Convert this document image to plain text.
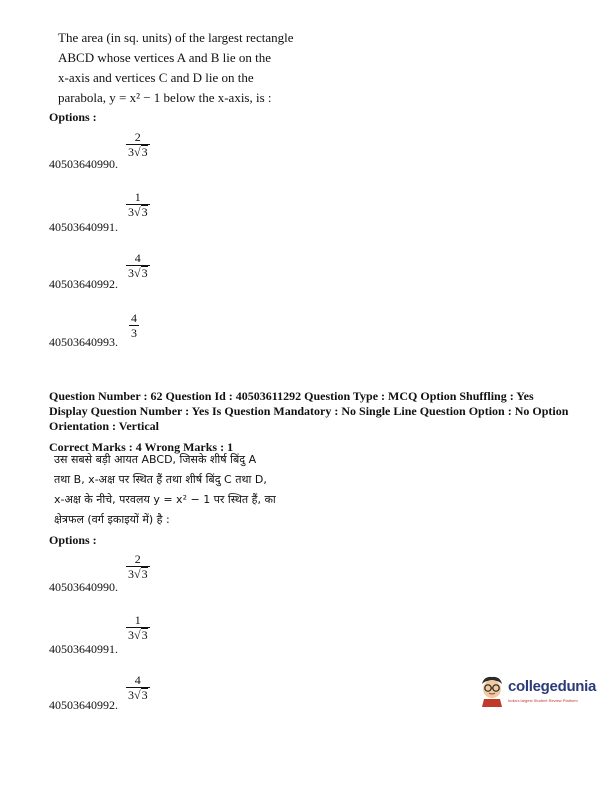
The area (in sq. units) of the largest rectangle
ABCD whose vertices A and B lie on the
x-axis and vertices C and D lie on the
parabola, y = x² − 1 below the x-axis, is :
Options :
$\frac{2}{3√3}$
40503640990.
$\frac{1}{3√3}$
40503640991.
$\frac{4}{3√3}$
40503640992.
$\frac{4}{3}$
40503640993.
Question Number : 62 Question Id : 40503611292 Question Type : MCQ Option Shuffling : Yes
Display Question Number : Yes Is Question Mandatory : No Single Line Question Option : No Option
Orientation : Vertical
Correct Marks : 4 Wrong Marks : 1
उस सबसे बड़ी आयत ABCD, जिसके शीर्ष बिंदु A
तथा B, x-अक्ष पर स्थित हैं तथा शीर्ष बिंदु C तथा D,
x-अक्ष के नीचे, परवलय y = x² − 1 पर स्थित हैं, का
क्षेत्रफल (वर्ग इकाइयों में) है :
Options :
$\frac{2}{3√3}$
40503640990.
$\frac{1}{3√3}$
40503640991.
$\frac{4}{3√3}$
40503640992.
collegedunia
India's largest Student Review Platform
